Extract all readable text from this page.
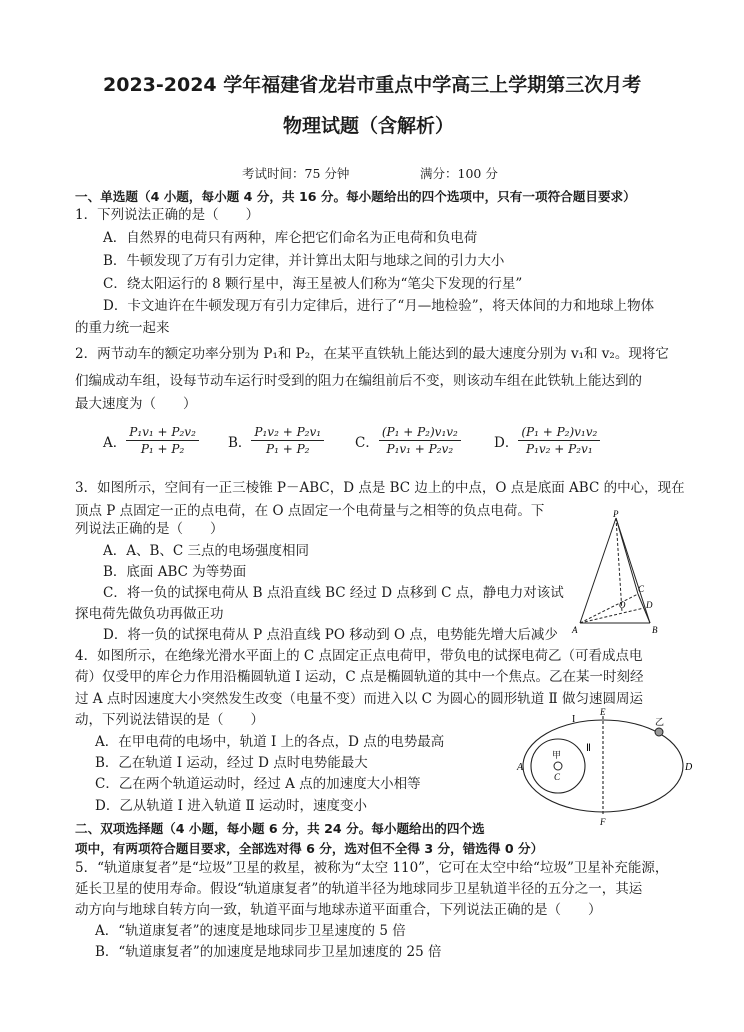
2023-2024 学年福建省龙岩市重点中学高三上学期第三次月考
物理试题（含解析）
考试时间：75 分钟	满分：100 分
一、单选题（4 小题，每小题 4 分，共 16 分。每小题给出的四个选项中，只有一项符合题目要求）
1．下列说法正确的是（　　）
A．自然界的电荷只有两种，库仑把它们命名为正电荷和负电荷
B．牛顿发现了万有引力定律，并计算出太阳与地球之间的引力大小
C．绕太阳运行的 8 颗行星中，海王星被人们称为“笔尖下发现的行星”
D．卡文迪许在牛顿发现万有引力定律后，进行了“月—地检验”，将天体间的力和地球上物体
的重力统一起来
2．两节动车的额定功率分别为 P₁和 P₂，在某平直铁轨上能达到的最大速度分别为 v₁和 v₂。现将它
们编成动车组，设每节动车运行时受到的阻力在编组前后不变，则该动车组在此铁轨上能达到的
最大速度为（　　）
A． $\frac{\text{P₁v₁ + P₂v₂}}{\text{P₁ + P₂}}$ B． $\frac{\text{P₁v₂ + P₂v₁}}{\text{P₁ + P₂}}$ C． $\frac{\text{(P₁ + P₂)v₁v₂}}{\text{P₁v₁ + P₂v₂}}$ D． $\frac{\text{(P₁ + P₂)v₁v₂}}{\text{P₁v₂ + P₂v₁}}$
3．如图所示，空间有一正三棱锥 P－ABC，D 点是 BC 边上的中点，O 点是底面 ABC 的中心，现在
顶点 P 点固定一正的点电荷，在 O 点固定一个电荷量与之相等的负点电荷。下
列说法正确的是（　　）
A．A、B、C 三点的电场强度相同
B．底面 ABC 为等势面
C．将一负的试探电荷从 B 点沿直线 BC 经过 D 点移到 C 点，静电力对该试
探电荷先做负功再做正功
D．将一负的试探电荷从 P 点沿直线 PO 移动到 O 点，电势能先增大后减少
P
A	B
C
D
O
4．如图所示，在绝缘光滑水平面上的 C 点固定正点电荷甲，带负电的试探电荷乙（可看成点电
荷）仅受甲的库仑力作用沿椭圆轨道 Ⅰ 运动，C 点是椭圆轨道的其中一个焦点。乙在某一时刻经
过 A 点时因速度大小突然发生改变（电量不变）而进入以 C 为圆心的圆形轨道 Ⅱ 做匀速圆周运
动，下列说法错误的是（　　）
A．在甲电荷的电场中，轨道 Ⅰ 上的各点，D 点的电势最高
B．乙在轨道 Ⅰ 运动，经过 D 点时电势能最大
C．乙在两个轨道运动时，经过 A 点的加速度大小相等
D．乙从轨道 Ⅰ 进入轨道 Ⅱ 运动时，速度变小
I
Ⅱ
E
F
A	D
C
甲
乙
二、双项选择题（4 小题，每小题 6 分，共 24 分。每小题给出的四个选
项中，有两项符合题目要求，全部选对得 6 分，选对但不全得 3 分，错选得 0 分）
5．“轨道康复者”是“垃圾”卫星的救星，被称为“太空 110”，它可在太空中给“垃圾”卫星补充能源，
延长卫星的使用寿命。假设“轨道康复者”的轨道半径为地球同步卫星轨道半径的五分之一，其运
动方向与地球自转方向一致，轨道平面与地球赤道平面重合，下列说法正确的是（　　）
A．“轨道康复者”的速度是地球同步卫星速度的 5 倍
B．“轨道康复者”的加速度是地球同步卫星加速度的 25 倍
